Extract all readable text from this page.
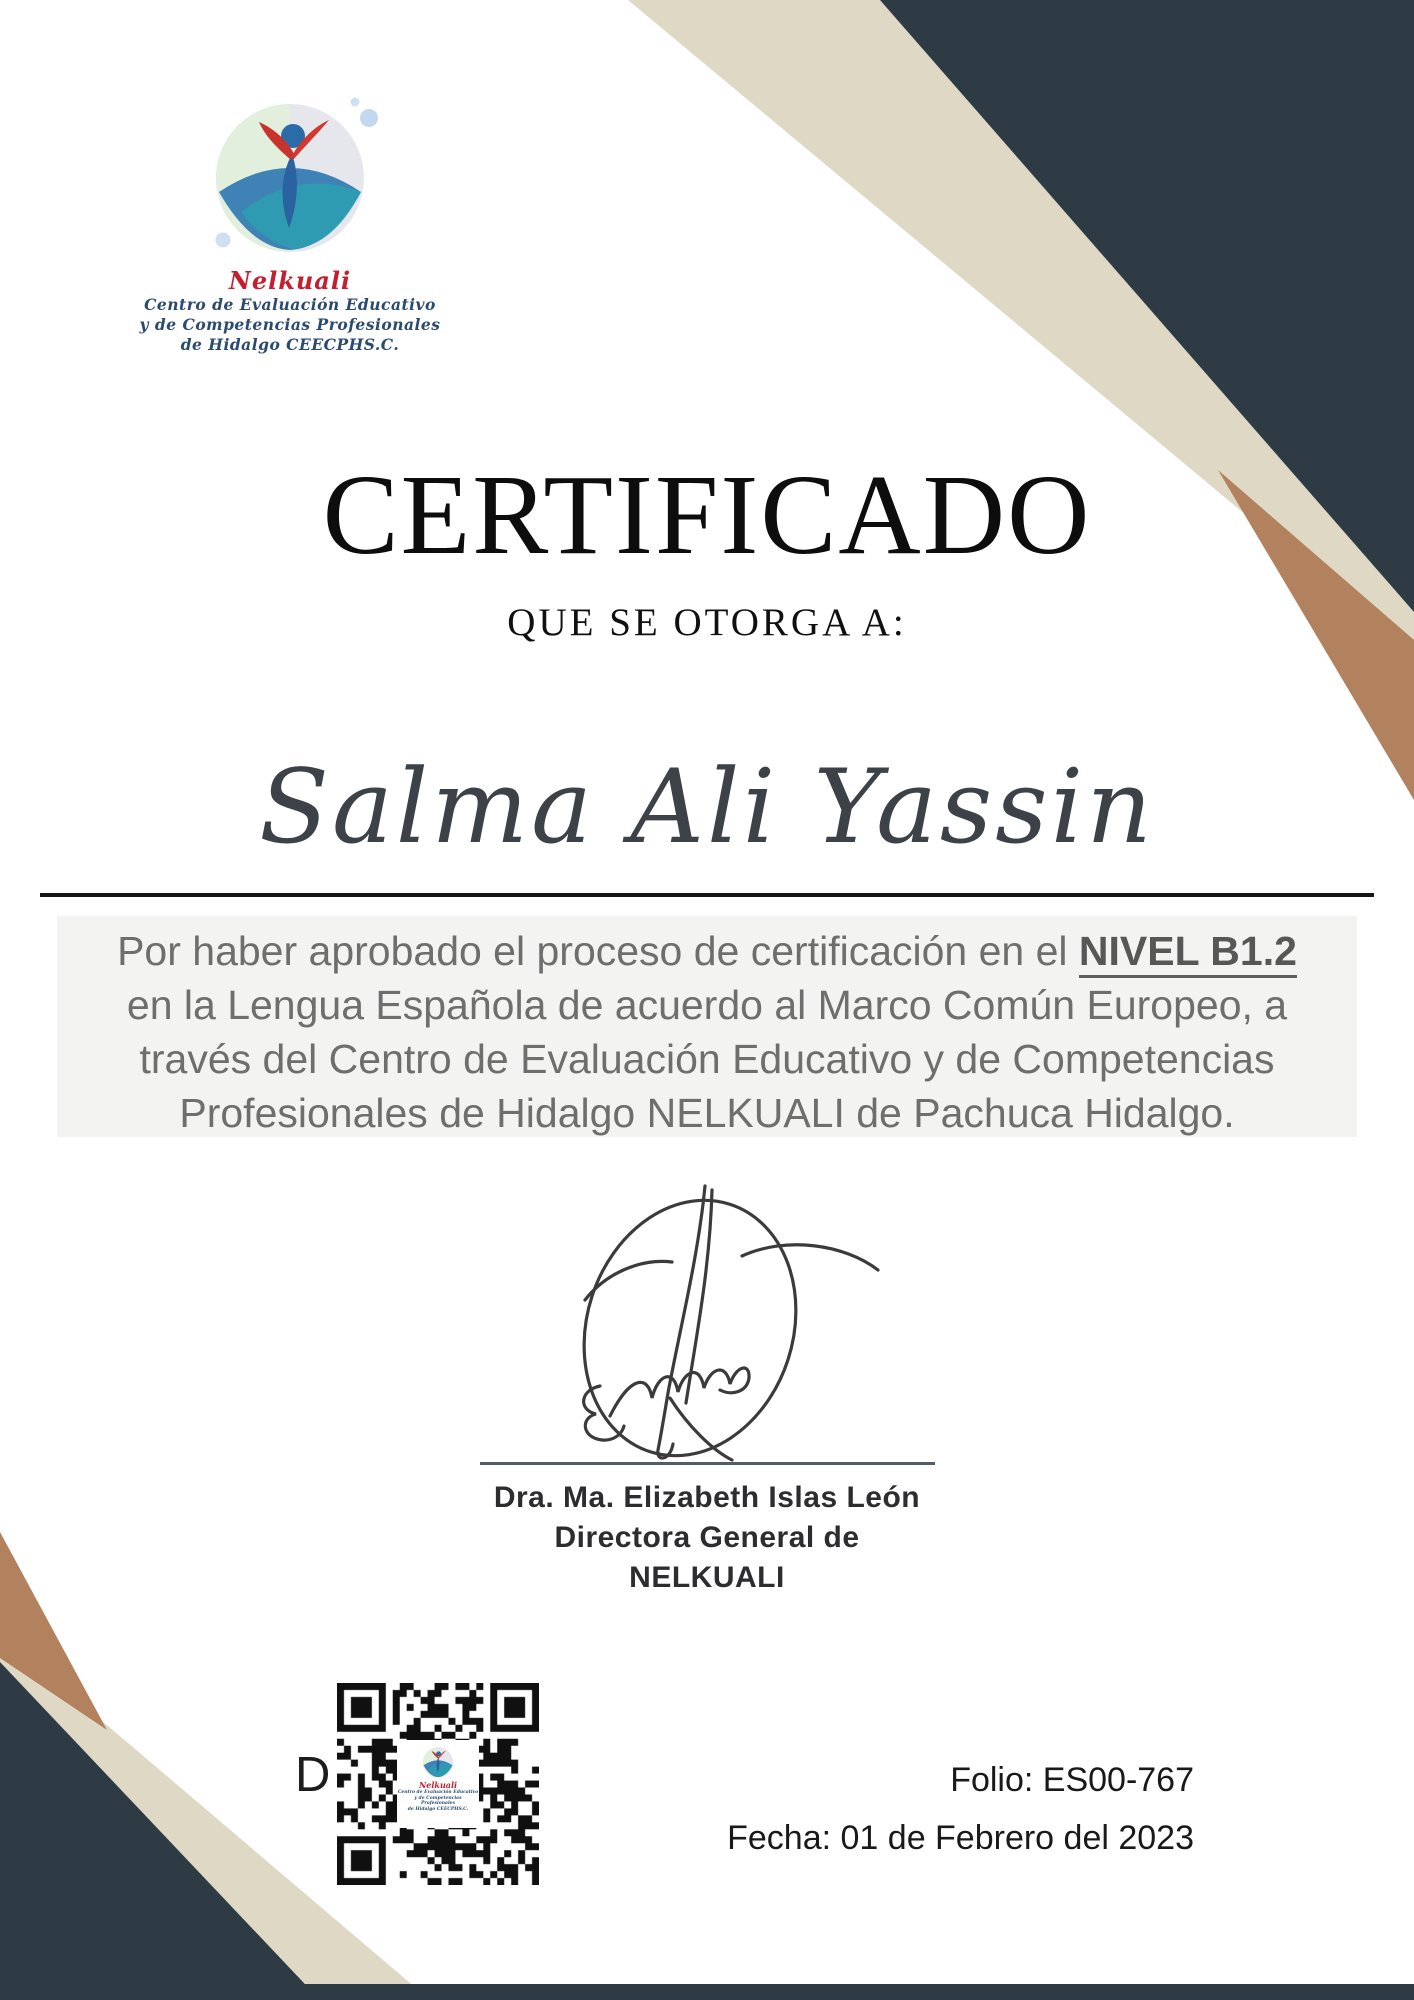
Nelkuali
Centro de Evaluación Educativo
y de Competencias Profesionales
de Hidalgo CEECPHS.C.
CERTIFICADO
QUE SE OTORGA A:
Salma Ali Yassin
Por haber aprobado el proceso de certificación en el NIVEL B1.2
en la Lengua Española de acuerdo al Marco Común Europeo, a
través del Centro de Evaluación Educativo y de Competencias
Profesionales de Hidalgo NELKUALI de Pachuca Hidalgo.
Dra. Ma. Elizabeth Islas León
Directora General de
NELKUALI
D	Nelkuali
Centro de Evaluación Educativo
y de Competencias Profesionales
de Hidalgo CEECPHS.C.
Folio: ES00-767
Fecha: 01 de Febrero del 2023
